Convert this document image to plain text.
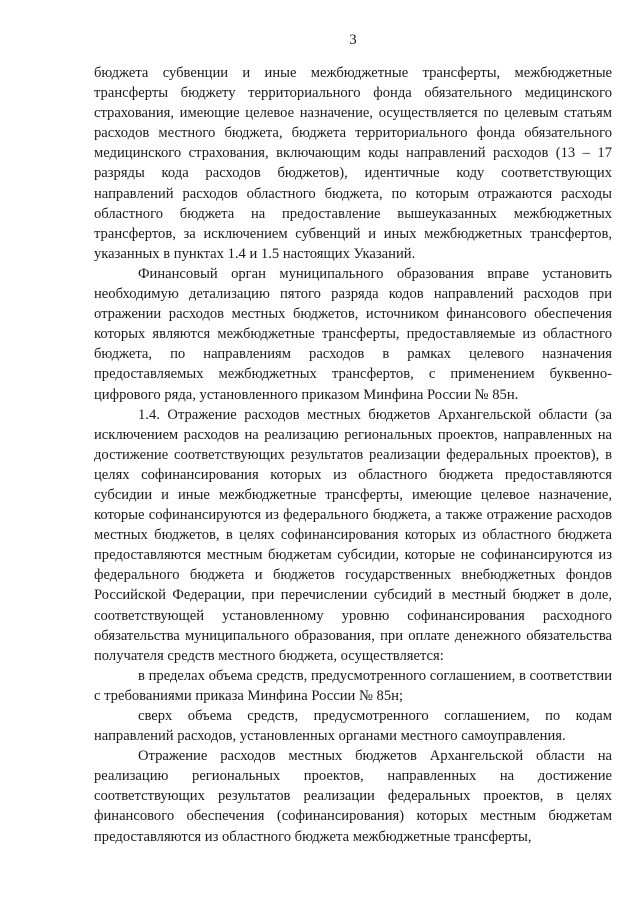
3

бюджета субвенции и иные межбюджетные трансферты, межбюджетные трансферты бюджету территориального фонда обязательного медицинского страхования, имеющие целевое назначение, осуществляется по целевым статьям расходов местного бюджета, бюджета территориального фонда обязательного медицинского страхования, включающим коды направлений расходов (13 – 17 разряды кода расходов бюджетов), идентичные коду соответствующих направлений расходов областного бюджета, по которым отражаются расходы областного бюджета на предоставление вышеуказанных межбюджетных трансфертов, за исключением субвенций и иных межбюджетных трансфертов, указанных в пунктах 1.4 и 1.5 настоящих Указаний.

Финансовый орган муниципального образования вправе установить необходимую детализацию пятого разряда кодов направлений расходов при отражении расходов местных бюджетов, источником финансового обеспечения которых являются межбюджетные трансферты, предоставляемые из областного бюджета, по направлениям расходов в рамках целевого назначения предоставляемых межбюджетных трансфертов, с применением буквенно-цифрового ряда, установленного приказом Минфина России № 85н.

1.4. Отражение расходов местных бюджетов Архангельской области (за исключением расходов на реализацию региональных проектов, направленных на достижение соответствующих результатов реализации федеральных проектов), в целях софинансирования которых из областного бюджета предоставляются субсидии и иные межбюджетные трансферты, имеющие целевое назначение, которые софинансируются из федерального бюджета, а также отражение расходов местных бюджетов, в целях софинансирования которых из областного бюджета предоставляются местным бюджетам субсидии, которые не софинансируются из федерального бюджета и бюджетов государственных внебюджетных фондов Российской Федерации, при перечислении субсидий в местный бюджет в доле, соответствующей установленному уровню софинансирования расходного обязательства муниципального образования, при оплате денежного обязательства получателя средств местного бюджета, осуществляется:

в пределах объема средств, предусмотренного соглашением, в соответствии с требованиями приказа Минфина России № 85н;

сверх объема средств, предусмотренного соглашением, по кодам направлений расходов, установленных органами местного самоуправления.

Отражение расходов местных бюджетов Архангельской области на реализацию региональных проектов, направленных на достижение соответствующих результатов реализации федеральных проектов, в целях финансового обеспечения (софинансирования) которых местным бюджетам предоставляются из областного бюджета межбюджетные трансферты,
